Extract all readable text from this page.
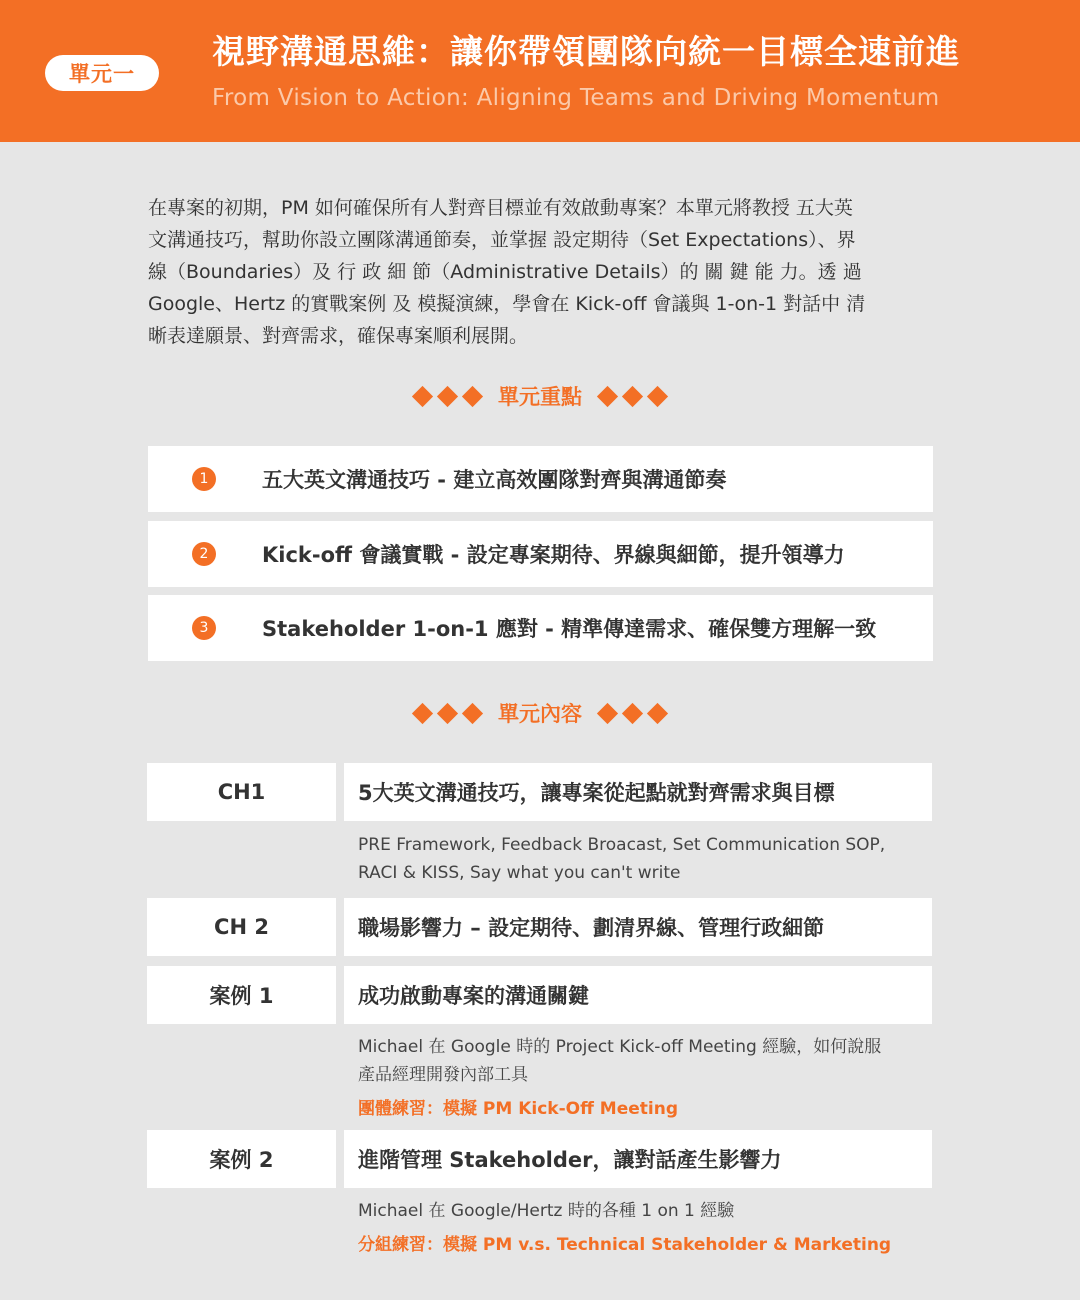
單元一
視野溝通思維：讓你帶領團隊向統一目標全速前進
From Vision to Action: Aligning Teams and Driving Momentum

在專案的初期，PM 如何確保所有人對齊目標並有效啟動專案？本單元將教授 五大英

文溝通技巧，幫助你設立團隊溝通節奏，並掌握 設定期待（Set Expectations）、界

線（Boundaries）及 行 政 細 節（Administrative Details）的 關 鍵 能 力。透 過

Google、Hertz 的實戰案例 及 模擬演練，學會在 Kick-off 會議與 1-on-1 對話中 清

晰表達願景、對齊需求，確保專案順利展開。

單元重點
1	五大英文溝通技巧 - 建立高效團隊對齊與溝通節奏
2	Kick-off 會議實戰 - 設定專案期待、界線與細節，提升領導力
3	Stakeholder 1-on-1 應對 - 精準傳達需求、確保雙方理解一致
單元內容
CH1	5大英文溝通技巧，讓專案從起點就對齊需求與目標

PRE Framework, Feedback Broacast, Set Communication SOP,

RACI & KISS, Say what you can't write

CH 2	職場影響力 – 設定期待、劃清界線、管理行政細節
案例 1	成功啟動專案的溝通關鍵

Michael 在 Google 時的 Project Kick-off Meeting 經驗，如何說服

產品經理開發內部工具

團體練習：模擬 PM Kick-Off Meeting
案例 2	進階管理 Stakeholder，讓對話產生影響力

Michael 在 Google/Hertz 時的各種 1 on 1 經驗

分組練習：模擬 PM v.s. Technical Stakeholder & Marketing
